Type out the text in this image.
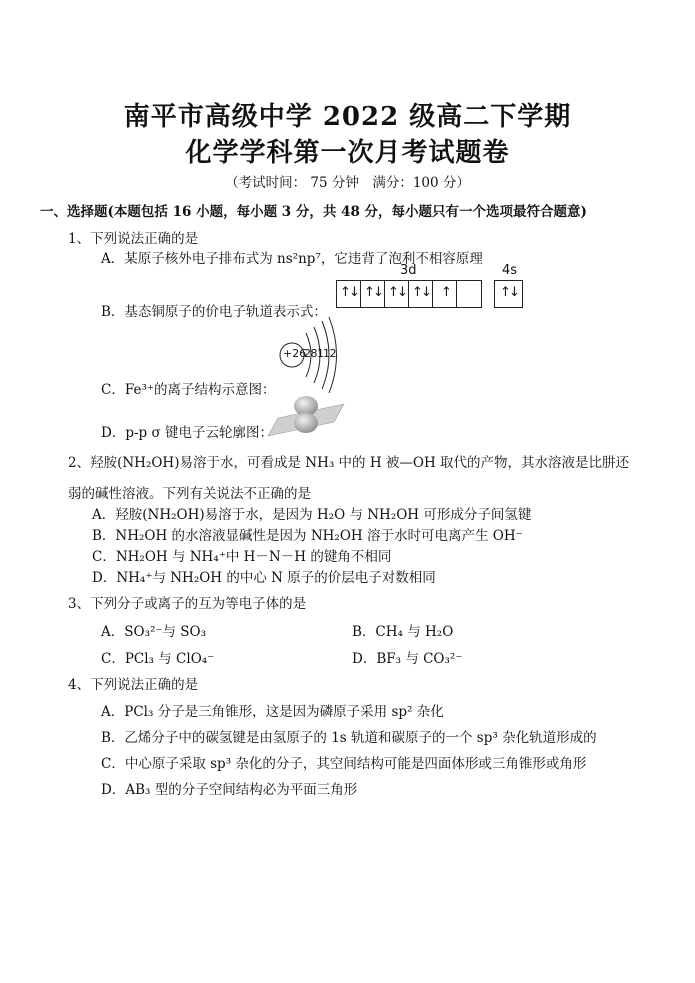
南平市高级中学 2022 级高二下学期
化学学科第一次月考试题卷
（考试时间： 75 分钟　满分：100 分）
一、选择题(本题包括 16 小题，每小题 3 分，共 48 分，每小题只有一个选项最符合题意)
1、下列说法正确的是
A．某原子核外电子排布式为 ns²np⁷，它违背了泡利不相容原理
3d	4s
B．基态铜原子的价电子轨道表示式：
↑
↓ ↑
↓ ↑
↓ ↑
↓ ↑	↑
↓
+26
2 8 11 2
C．Fe³⁺的离子结构示意图：
D．p-p σ 键电子云轮廓图：
2、羟胺(NH₂OH)易溶于水，可看成是 NH₃ 中的 H 被—OH 取代的产物，其水溶液是比肼还
弱的碱性溶液。下列有关说法不正确的是
A．羟胺(NH₂OH)易溶于水，是因为 H₂O 与 NH₂OH 可形成分子间氢键
B．NH₂OH 的水溶液显碱性是因为 NH₂OH 溶于水时可电离产生 OH⁻
C．NH₂OH 与 NH₄⁺中 H－N－H 的键角不相同
D．NH₄⁺与 NH₂OH 的中心 N 原子的价层电子对数相同
3、下列分子或离子的互为等电子体的是
A．SO₃²⁻与 SO₃	B．CH₄ 与 H₂O
C．PCl₃ 与 ClO₄⁻	D．BF₃ 与 CO₃²⁻
4、下列说法正确的是
A．PCl₃ 分子是三角锥形，这是因为磷原子采用 sp² 杂化
B．乙烯分子中的碳氢键是由氢原子的 1s 轨道和碳原子的一个 sp³ 杂化轨道形成的
C．中心原子采取 sp³ 杂化的分子，其空间结构可能是四面体形或三角锥形或角形
D．AB₃ 型的分子空间结构必为平面三角形
